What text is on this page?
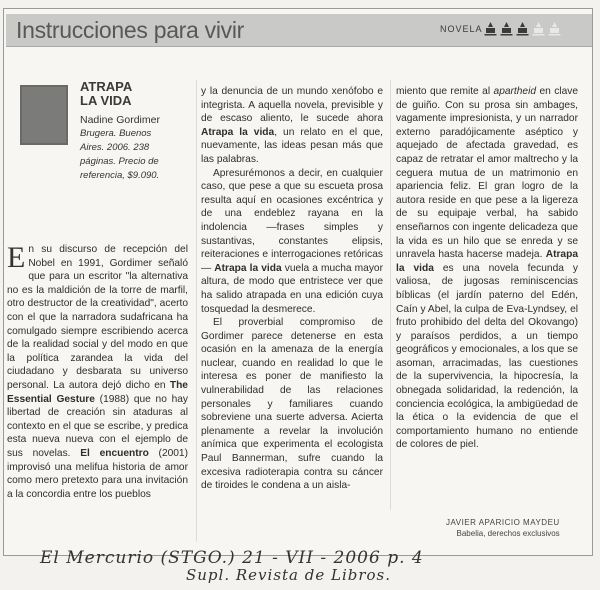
Instrucciones para vivir	NOVELA
ATRAPA
LA VIDA
Nadine Gordimer
Brugera. Buenos
Aires. 2006. 238
páginas. Precio de
referencia, $9.090.

En su discurso de recepción del Nobel en 1991, Gordimer señaló que para un escritor "la alternativa no es la maldición de la torre de marfil, otro destructor de la creatividad", acerto con el que la narradora sudafricana ha comulgado siempre escribiendo acerca de la realidad social y del modo en que la política zarandea la vida del ciudadano y desbarata su universo personal. La autora dejó dicho en The Essential Gesture (1988) que no hay libertad de creación sin ataduras al contexto en el que se escribe, y predica esta nueva nueva con el ejemplo de sus novelas. El encuentro (2001) improvisó una melifua historia de amor como mero pretexto para una invitación a la concordia entre los pueblos

y la denuncia de un mundo xenófobo e integrista. A aquella novela, previsible y de escaso aliento, le sucede ahora Atrapa la vida, un relato en el que, nuevamente, las ideas pesan más que las palabras.

Apresurémonos a decir, en cualquier caso, que pese a que su escueta prosa resulta aquí en ocasiones excéntrica y de una endeblez rayana en la indolencia —frases simples y sustantivas, constantes elipsis, reiteraciones e interrogaciones retóricas— Atrapa la vida vuela a mucha mayor altura, de modo que entristece ver que ha salido atrapada en una edición cuya tosquedad la desmerece.

El proverbial compromiso de Gordimer parece detenerse en esta ocasión en la amenaza de la energía nuclear, cuando en realidad lo que le interesa es poner de manifiesto la vulnerabilidad de las relaciones personales y familiares cuando sobreviene una suerte adversa. Acierta plenamente a revelar la involución anímica que experimenta el ecologista Paul Bannerman, sufre cuando la excesiva radioterapia contra su cáncer de tiroides le condena a un aisla-

miento que remite al apartheid en clave de guiño. Con su prosa sin ambages, vagamente impresionista, y un narrador externo paradójicamente aséptico y aquejado de afectada gravedad, es capaz de retratar el amor maltrecho y la ceguera mutua de un matrimonio en apariencia feliz. El gran logro de la autora reside en que pese a la ligereza de su equipaje verbal, ha sabido enseñarnos con ingente delicadeza que la vida es un hilo que se enreda y se unravela hasta hacerse madeja. Atrapa la vida es una novela fecunda y valiosa, de jugosas reminiscencias bíblicas (el jardín paterno del Edén, Caín y Abel, la culpa de Eva-Lyndsey, el fruto prohibido del delta del Okovango) y paraísos perdidos, a un tiempo geográficos y emocionales, a los que se asoman, arracimadas, las cuestiones de la supervivencia, la hipocresía, la obnegada solidaridad, la redención, la conciencia ecológica, la ambigüedad de la ética o la evidencia de que el comportamiento humano no entiende de colores de piel.

JAVIER APARICIO MAYDEU
Babelia, derechos exclusivos
El Mercurio (STGO.) 21 - VII - 2006 p. 4
Supl. Revista de Libros.
